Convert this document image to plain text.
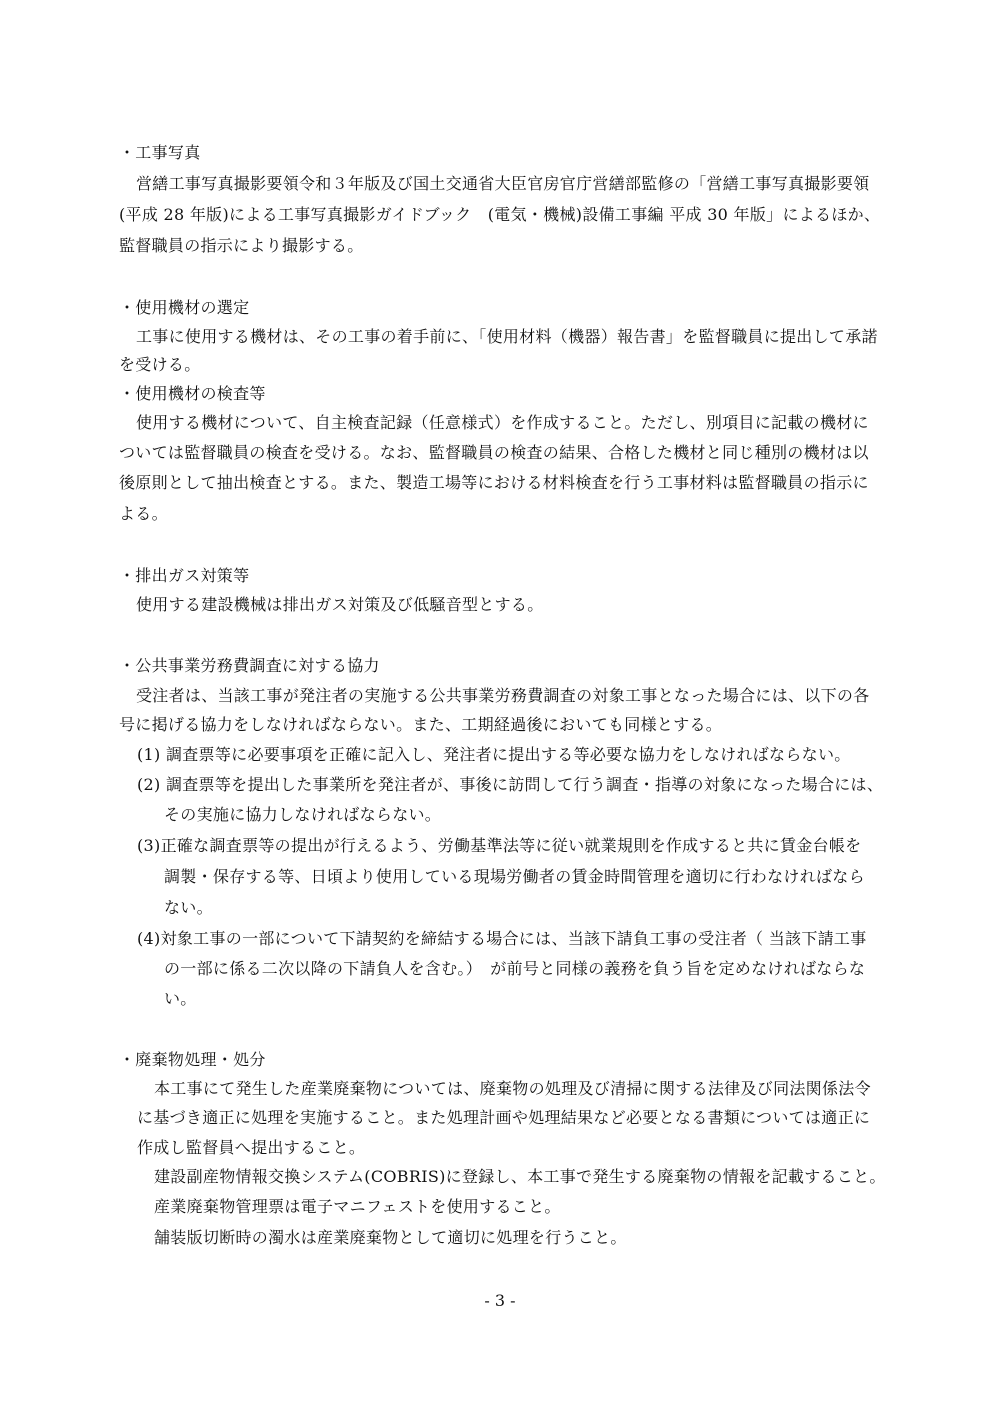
・工事写真
営繕工事写真撮影要領令和３年版及び国土交通省大臣官房官庁営繕部監修の「営繕工事写真撮影要領
(平成 28 年版)による工事写真撮影ガイドブック　(電気・機械)設備工事編 平成 30 年版」によるほか、
監督職員の指示により撮影する。
・使用機材の選定
工事に使用する機材は、その工事の着手前に、「使用材料（機器）報告書」を監督職員に提出して承諾
を受ける。
・使用機材の検査等
使用する機材について、自主検査記録（任意様式）を作成すること。ただし、別項目に記載の機材に
ついては監督職員の検査を受ける。なお、監督職員の検査の結果、合格した機材と同じ種別の機材は以
後原則として抽出検査とする。また、製造工場等における材料検査を行う工事材料は監督職員の指示に
よる。
・排出ガス対策等
使用する建設機械は排出ガス対策及び低騒音型とする。
・公共事業労務費調査に対する協力
受注者は、当該工事が発注者の実施する公共事業労務費調査の対象工事となった場合には、以下の各
号に掲げる協力をしなければならない。また、工期経過後においても同様とする。
(1) 調査票等に必要事項を正確に記入し、発注者に提出する等必要な協力をしなければならない。
(2) 調査票等を提出した事業所を発注者が、事後に訪問して行う調査・指導の対象になった場合には、
その実施に協力しなければならない。
(3)正確な調査票等の提出が行えるよう、労働基準法等に従い就業規則を作成すると共に賃金台帳を
調製・保存する等、日頃より使用している現場労働者の賃金時間管理を適切に行わなければなら
ない。
(4)対象工事の一部について下請契約を締結する場合には、当該下請負工事の受注者（ 当該下請工事
の一部に係る二次以降の下請負人を含む。）　が前号と同様の義務を負う旨を定めなければならな
い。
・廃棄物処理・処分
本工事にて発生した産業廃棄物については、廃棄物の処理及び清掃に関する法律及び同法関係法令
に基づき適正に処理を実施すること。また処理計画や処理結果など必要となる書類については適正に
作成し監督員へ提出すること。
建設副産物情報交換システム(COBRIS)に登録し、本工事で発生する廃棄物の情報を記載すること。
産業廃棄物管理票は電子マニフェストを使用すること。
舗装版切断時の濁水は産業廃棄物として適切に処理を行うこと。
- 3 -
